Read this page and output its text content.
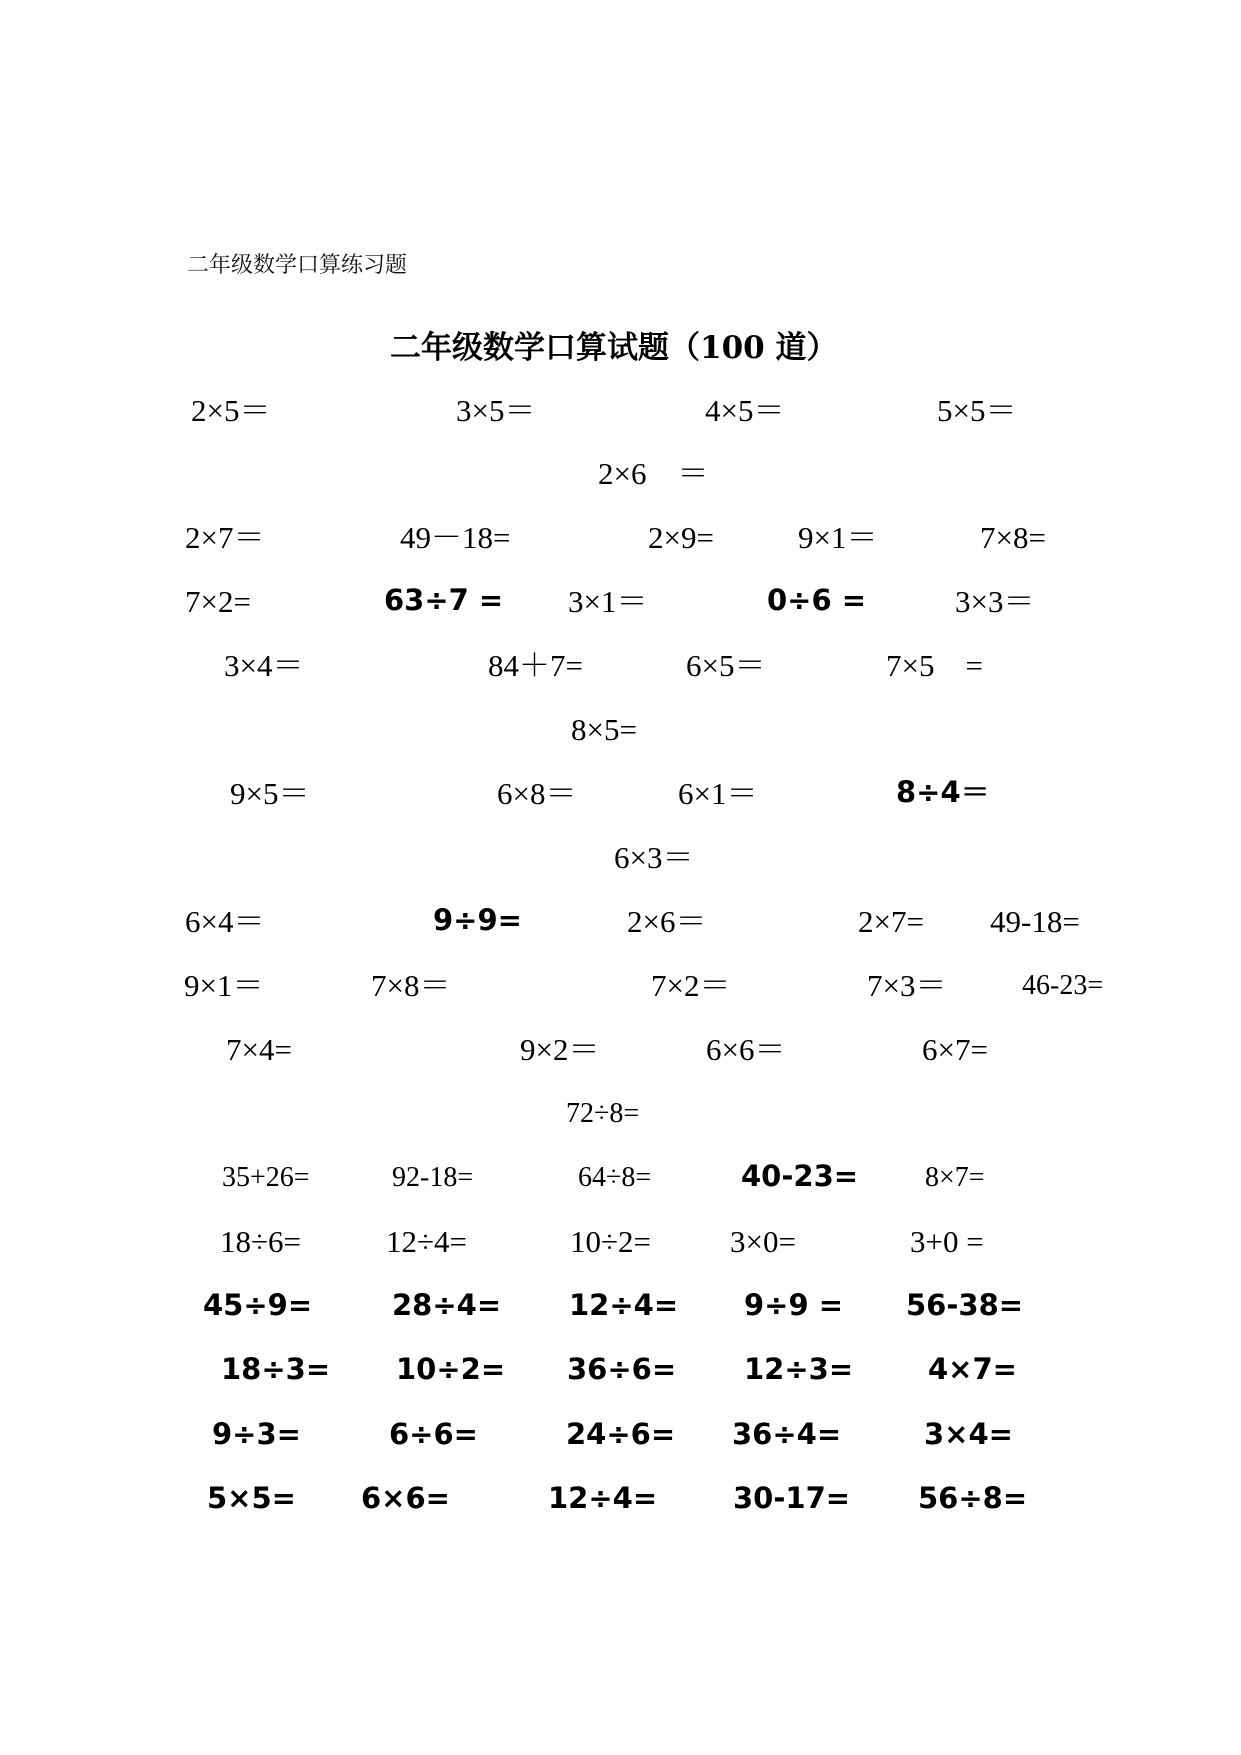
二年级数学口算练习题
二年级数学口算试题（100 道）
2×5＝	3×5＝	4×5＝	5×5＝
2×6　＝
2×7＝	49－18=	2×9=	9×1＝	7×8=
7×2=	63÷7 = 3×1＝	0÷6 =	3×3＝
3×4＝	84＋7=	6×5＝	7×5　=
8×5=
9×5＝	6×8＝	6×1＝	8÷4＝
6×3＝
6×4＝	9÷9=	2×6＝	2×7= 49-18=
9×1＝	7×8＝	7×2＝	7×3＝	46-23=
7×4=	9×2＝	6×6＝	6×7=
72÷8=
35+26=	92-18=	64÷8=	40-23= 8×7=
18÷6=	12÷4=	10÷2=	3×0=	3+0 =
45÷9=	28÷4= 12÷4= 9÷9 = 56-38=
18÷3= 10÷2= 36÷6= 12÷3=	4×7=
9÷3=	6÷6=	24÷6= 36÷4=	3×4=
5×5= 6×6=	12÷4=	30-17= 56÷8=
